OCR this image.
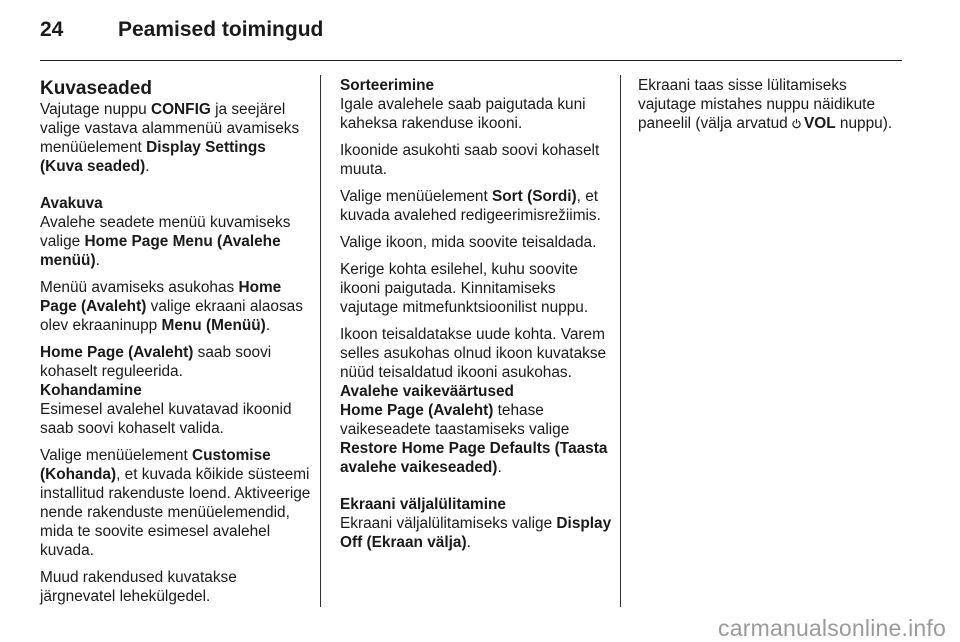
24	Peamised toimingud
Kuvaseaded

Vajutage nuppu CONFIG ja seejärel valige vastava alammenüü avamiseks menüüelement Display Settings (Kuva seaded).

Avakuva

Avalehe seadete menüü kuvamiseks valige Home Page Menu (Avalehe menüü).

Menüü avamiseks asukohas Home Page (Avaleht) valige ekraani alaosas olev ekraaninupp Menu (Menüü).

Home Page (Avaleht) saab soovi kohaselt reguleerida.

Kohandamine

Esimesel avalehel kuvatavad ikoonid saab soovi kohaselt valida.

Valige menüüelement Customise (Kohanda), et kuvada kõikide süsteemi installitud rakenduste loend. Aktiveerige nende rakenduste menüüelemendid, mida te soovite esimesel avalehel kuvada.

Muud rakendused kuvatakse järgnevatel lehekülgedel.

Sorteerimine

Igale avalehele saab paigutada kuni kaheksa rakenduse ikooni.

Ikoonide asukohti saab soovi kohaselt muuta.

Valige menüüelement Sort (Sordi), et kuvada avalehed redigeerimisrežiimis.

Valige ikoon, mida soovite teisaldada.

Kerige kohta esilehel, kuhu soovite ikooni paigutada. Kinnitamiseks vajutage mitmefunktsioonilist nuppu.

Ikoon teisaldatakse uude kohta. Varem selles asukohas olnud ikoon kuvatakse nüüd teisaldatud ikooni asukohas.

Avalehe vaikeväärtused

Home Page (Avaleht) tehase vaikeseadete taastamiseks valige Restore Home Page Defaults (Taasta avalehe vaikeseaded).

Ekraani väljalülitamine

Ekraani väljalülitamiseks valige Display Off (Ekraan välja).

Ekraani taas sisse lülitamiseks vajutage mistahes nuppu näidikute paneelil (välja arvatud VOL nuppu).

carmanualsonline.info
